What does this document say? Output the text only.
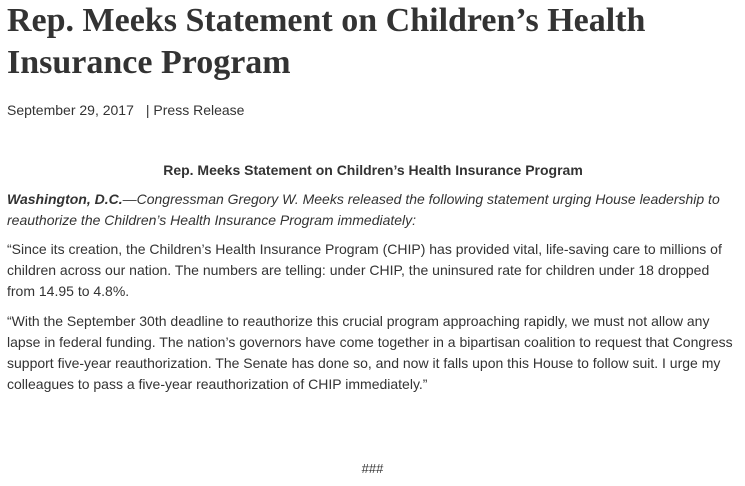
Rep. Meeks Statement on Children’s Health Insurance Program
September 29, 2017 | Press Release
Rep. Meeks Statement on Children’s Health Insurance Program

Washington, D.C.—Congressman Gregory W. Meeks released the following statement urging House leadership to reauthorize the Children’s Health Insurance Program immediately:

“Since its creation, the Children’s Health Insurance Program (CHIP) has provided vital, life-saving care to millions of children across our nation. The numbers are telling: under CHIP, the uninsured rate for children under 18 dropped from 14.95 to 4.8%.

“With the September 30th deadline to reauthorize this crucial program approaching rapidly, we must not allow any lapse in federal funding. The nation’s governors have come together in a bipartisan coalition to request that Congress support five-year reauthorization. The Senate has done so, and now it falls upon this House to follow suit. I urge my colleagues to pass a five-year reauthorization of CHIP immediately.”

###
